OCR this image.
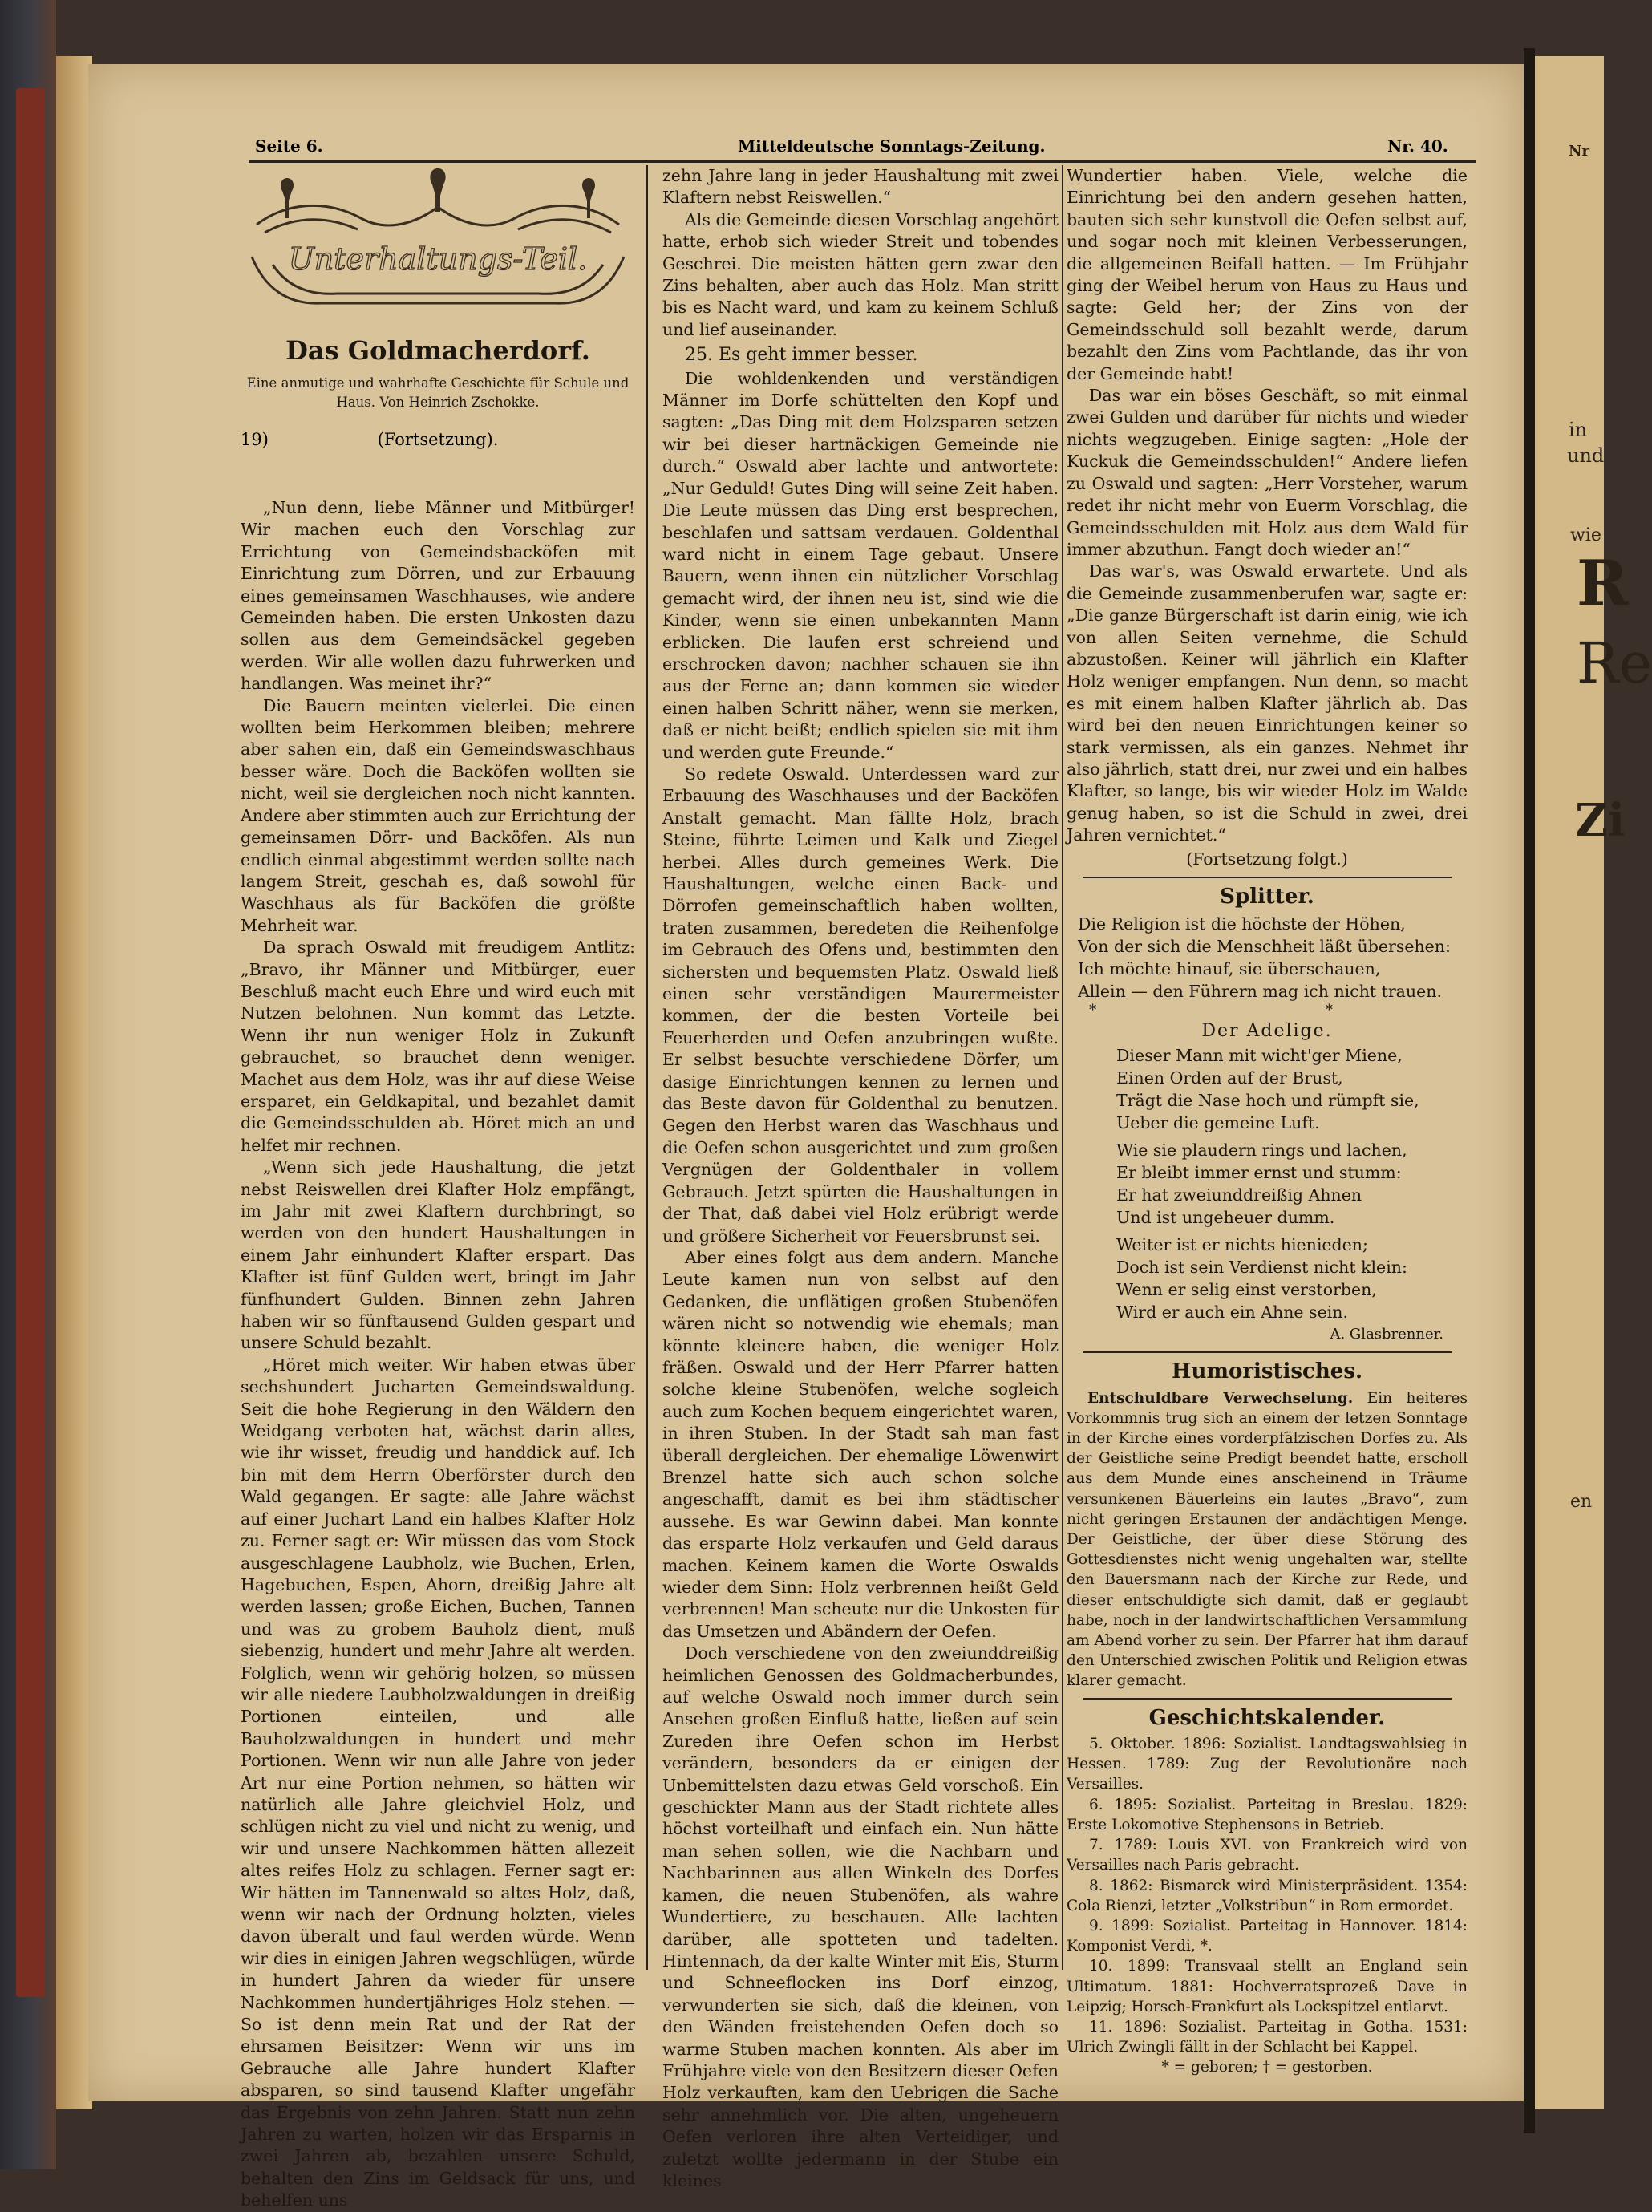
Nr
in
und
wie
R
Re
Zi
en
Seite 6.	Mitteldeutsche Sonntags-Zeitung.	Nr. 40.
Unterhaltungs-Teil.
Das Goldmacherdorf.
Eine anmutige und wahrhafte Geschichte für Schule und
Haus. Von Heinrich Zschokke.
19)	(Fortsetzung).

„Nun denn, liebe Männer und Mitbürger! Wir machen euch den Vorschlag zur Errichtung von Gemeindsbacköfen mit Einrichtung zum Dörren, und zur Erbauung eines gemeinsamen Waschhauses, wie andere Gemeinden haben. Die ersten Unkosten dazu sollen aus dem Gemeindsäckel gegeben werden. Wir alle wollen dazu fuhrwerken und handlangen. Was meinet ihr?“

Die Bauern meinten vielerlei. Die einen wollten beim Herkommen bleiben; mehrere aber sahen ein, daß ein Gemeindswaschhaus besser wäre. Doch die Backöfen wollten sie nicht, weil sie dergleichen noch nicht kannten. Andere aber stimmten auch zur Errichtung der gemeinsamen Dörr- und Backöfen. Als nun endlich einmal abgestimmt werden sollte nach langem Streit, geschah es, daß sowohl für Waschhaus als für Backöfen die größte Mehrheit war.

Da sprach Oswald mit freudigem Antlitz: „Bravo, ihr Männer und Mitbürger, euer Beschluß macht euch Ehre und wird euch mit Nutzen belohnen. Nun kommt das Letzte. Wenn ihr nun weniger Holz in Zukunft gebrauchet, so brauchet denn weniger. Machet aus dem Holz, was ihr auf diese Weise ersparet, ein Geldkapital, und bezahlet damit die Gemeindsschulden ab. Höret mich an und helfet mir rechnen.

„Wenn sich jede Haushaltung, die jetzt nebst Reiswellen drei Klafter Holz empfängt, im Jahr mit zwei Klaftern durchbringt, so werden von den hundert Haushaltungen in einem Jahr einhundert Klafter erspart. Das Klafter ist fünf Gulden wert, bringt im Jahr fünfhundert Gulden. Binnen zehn Jahren haben wir so fünftausend Gulden gespart und unsere Schuld bezahlt.

„Höret mich weiter. Wir haben etwas über sechshundert Jucharten Gemeindswaldung. Seit die hohe Regierung in den Wäldern den Weidgang verboten hat, wächst darin alles, wie ihr wisset, freudig und handdick auf. Ich bin mit dem Herrn Oberförster durch den Wald gegangen. Er sagte: alle Jahre wächst auf einer Juchart Land ein halbes Klafter Holz zu. Ferner sagt er: Wir müssen das vom Stock ausgeschlagene Laubholz, wie Buchen, Erlen, Hagebuchen, Espen, Ahorn, dreißig Jahre alt werden lassen; große Eichen, Buchen, Tannen und was zu grobem Bauholz dient, muß siebenzig, hundert und mehr Jahre alt werden. Folglich, wenn wir gehörig holzen, so müssen wir alle niedere Laubholzwaldungen in dreißig Portionen einteilen, und alle Bauholzwaldungen in hundert und mehr Portionen. Wenn wir nun alle Jahre von jeder Art nur eine Portion nehmen, so hätten wir natürlich alle Jahre gleichviel Holz, und schlügen nicht zu viel und nicht zu wenig, und wir und unsere Nachkommen hätten allezeit altes reifes Holz zu schlagen. Ferner sagt er: Wir hätten im Tannenwald so altes Holz, daß, wenn wir nach der Ordnung holzten, vieles davon überalt und faul werden würde. Wenn wir dies in einigen Jahren wegschlügen, würde in hundert Jahren da wieder für unsere Nachkommen hundertjähriges Holz stehen. — So ist denn mein Rat und der Rat der ehrsamen Beisitzer: Wenn wir uns im Gebrauche alle Jahre hundert Klafter absparen, so sind tausend Klafter ungefähr das Ergebnis von zehn Jahren. Statt nun zehn Jahren zu warten, holzen wir das Ersparnis in zwei Jahren ab, bezahlen unsere Schuld, behalten den Zins im Geldsack für uns, und behelfen uns

zehn Jahre lang in jeder Haushaltung mit zwei Klaftern nebst Reiswellen.“

Als die Gemeinde diesen Vorschlag angehört hatte, erhob sich wieder Streit und tobendes Geschrei. Die meisten hätten gern zwar den Zins behalten, aber auch das Holz. Man stritt bis es Nacht ward, und kam zu keinem Schluß und lief auseinander.

25. Es geht immer besser.

Die wohldenkenden und verständigen Männer im Dorfe schüttelten den Kopf und sagten: „Das Ding mit dem Holzsparen setzen wir bei dieser hartnäckigen Gemeinde nie durch.“ Oswald aber lachte und antwortete: „Nur Geduld! Gutes Ding will seine Zeit haben. Die Leute müssen das Ding erst besprechen, beschlafen und sattsam verdauen. Goldenthal ward nicht in einem Tage gebaut. Unsere Bauern, wenn ihnen ein nützlicher Vorschlag gemacht wird, der ihnen neu ist, sind wie die Kinder, wenn sie einen unbekannten Mann erblicken. Die laufen erst schreiend und erschrocken davon; nachher schauen sie ihn aus der Ferne an; dann kommen sie wieder einen halben Schritt näher, wenn sie merken, daß er nicht beißt; endlich spielen sie mit ihm und werden gute Freunde.“

So redete Oswald. Unterdessen ward zur Erbauung des Waschhauses und der Backöfen Anstalt gemacht. Man fällte Holz, brach Steine, führte Leimen und Kalk und Ziegel herbei. Alles durch gemeines Werk. Die Haushaltungen, welche einen Back- und Dörrofen gemeinschaftlich haben wollten, traten zusammen, beredeten die Reihenfolge im Gebrauch des Ofens und, bestimmten den sichersten und bequemsten Platz. Oswald ließ einen sehr verständigen Maurermeister kommen, der die besten Vorteile bei Feuerherden und Oefen anzubringen wußte. Er selbst besuchte verschiedene Dörfer, um dasige Einrichtungen kennen zu lernen und das Beste davon für Goldenthal zu benutzen. Gegen den Herbst waren das Waschhaus und die Oefen schon ausgerichtet und zum großen Vergnügen der Goldenthaler in vollem Gebrauch. Jetzt spürten die Haushaltungen in der That, daß dabei viel Holz erübrigt werde und größere Sicherheit vor Feuersbrunst sei.

Aber eines folgt aus dem andern. Manche Leute kamen nun von selbst auf den Gedanken, die unflätigen großen Stubenöfen wären nicht so notwendig wie ehemals; man könnte kleinere haben, die weniger Holz fräßen. Oswald und der Herr Pfarrer hatten solche kleine Stubenöfen, welche sogleich auch zum Kochen bequem eingerichtet waren, in ihren Stuben. In der Stadt sah man fast überall dergleichen. Der ehemalige Löwenwirt Brenzel hatte sich auch schon solche angeschafft, damit es bei ihm städtischer aussehe. Es war Gewinn dabei. Man konnte das ersparte Holz verkaufen und Geld daraus machen. Keinem kamen die Worte Oswalds wieder dem Sinn: Holz verbrennen heißt Geld verbrennen! Man scheute nur die Unkosten für das Umsetzen und Abändern der Oefen.

Doch verschiedene von den zweiunddreißig heimlichen Genossen des Goldmacherbundes, auf welche Oswald noch immer durch sein Ansehen großen Einfluß hatte, ließen auf sein Zureden ihre Oefen schon im Herbst verändern, besonders da er einigen der Unbemittelsten dazu etwas Geld vorschoß. Ein geschickter Mann aus der Stadt richtete alles höchst vorteilhaft und einfach ein. Nun hätte man sehen sollen, wie die Nachbarn und Nachbarinnen aus allen Winkeln des Dorfes kamen, die neuen Stubenöfen, als wahre Wundertiere, zu beschauen. Alle lachten darüber, alle spotteten und tadelten. Hintennach, da der kalte Winter mit Eis, Sturm und Schneeflocken ins Dorf einzog, verwunderten sie sich, daß die kleinen, von den Wänden freistehenden Oefen doch so warme Stuben machen konnten. Als aber im Frühjahre viele von den Besitzern dieser Oefen Holz verkauften, kam den Uebrigen die Sache sehr annehmlich vor. Die alten, ungeheuern Oefen verloren ihre alten Verteidiger, und zuletzt wollte jedermann in der Stube ein kleines

Wundertier haben. Viele, welche die Einrichtung bei den andern gesehen hatten, bauten sich sehr kunstvoll die Oefen selbst auf, und sogar noch mit kleinen Verbesserungen, die allgemeinen Beifall hatten. — Im Frühjahr ging der Weibel herum von Haus zu Haus und sagte: Geld her; der Zins von der Gemeindsschuld soll bezahlt werde, darum bezahlt den Zins vom Pachtlande, das ihr von der Gemeinde habt!

Das war ein böses Geschäft, so mit einmal zwei Gulden und darüber für nichts und wieder nichts wegzugeben. Einige sagten: „Hole der Kuckuk die Gemeindsschulden!“ Andere liefen zu Oswald und sagten: „Herr Vorsteher, warum redet ihr nicht mehr von Euerm Vorschlag, die Gemeindsschulden mit Holz aus dem Wald für immer abzuthun. Fangt doch wieder an!“

Das war's, was Oswald erwartete. Und als die Gemeinde zusammenberufen war, sagte er: „Die ganze Bürgerschaft ist darin einig, wie ich von allen Seiten vernehme, die Schuld abzustoßen. Keiner will jährlich ein Klafter Holz weniger empfangen. Nun denn, so macht es mit einem halben Klafter jährlich ab. Das wird bei den neuen Einrichtungen keiner so stark vermissen, als ein ganzes. Nehmet ihr also jährlich, statt drei, nur zwei und ein halbes Klafter, so lange, bis wir wieder Holz im Walde genug haben, so ist die Schuld in zwei, drei Jahren vernichtet.“

(Fortsetzung folgt.)
Splitter.
Die Religion ist die höchste der Höhen,
Von der sich die Menschheit läßt übersehen:
Ich möchte hinauf, sie überschauen,
Allein — den Führern mag ich nicht trauen.
* *
Der Adelige.
Dieser Mann mit wicht'ger Miene,
Einen Orden auf der Brust,
Trägt die Nase hoch und rümpft sie,
Ueber die gemeine Luft.
Wie sie plaudern rings und lachen,
Er bleibt immer ernst und stumm:
Er hat zweiunddreißig Ahnen
Und ist ungeheuer dumm.
Weiter ist er nichts hienieden;
Doch ist sein Verdienst nicht klein:
Wenn er selig einst verstorben,
Wird er auch ein Ahne sein.
A. Glasbrenner.
Humoristisches.

Entschuldbare Verwechselung. Ein heiteres Vorkommnis trug sich an einem der letzen Sonntage in der Kirche eines vorderpfälzischen Dorfes zu. Als der Geistliche seine Predigt beendet hatte, erscholl aus dem Munde eines anscheinend in Träume versunkenen Bäuerleins ein lautes „Bravo“, zum nicht geringen Erstaunen der andächtigen Menge. Der Geistliche, der über diese Störung des Gottesdienstes nicht wenig ungehalten war, stellte den Bauersmann nach der Kirche zur Rede, und dieser entschuldigte sich damit, daß er geglaubt habe, noch in der landwirtschaftlichen Versammlung am Abend vorher zu sein. Der Pfarrer hat ihm darauf den Unterschied zwischen Politik und Religion etwas klarer gemacht.

Geschichtskalender.

5. Oktober. 1896: Sozialist. Landtagswahlsieg in Hessen. 1789: Zug der Revolutionäre nach Versailles.

6. 1895: Sozialist. Parteitag in Breslau. 1829: Erste Lokomotive Stephensons in Betrieb.

7. 1789: Louis XVI. von Frankreich wird von Versailles nach Paris gebracht.

8. 1862: Bismarck wird Ministerpräsident. 1354: Cola Rienzi, letzter „Volkstribun“ in Rom ermordet.

9. 1899: Sozialist. Parteitag in Hannover. 1814: Komponist Verdi, *.

10. 1899: Transvaal stellt an England sein Ultimatum. 1881: Hochverratsprozeß Dave in Leipzig; Horsch-Frankfurt als Lockspitzel entlarvt.

11. 1896: Sozialist. Parteitag in Gotha. 1531: Ulrich Zwingli fällt in der Schlacht bei Kappel.

* = geboren; † = gestorben.
